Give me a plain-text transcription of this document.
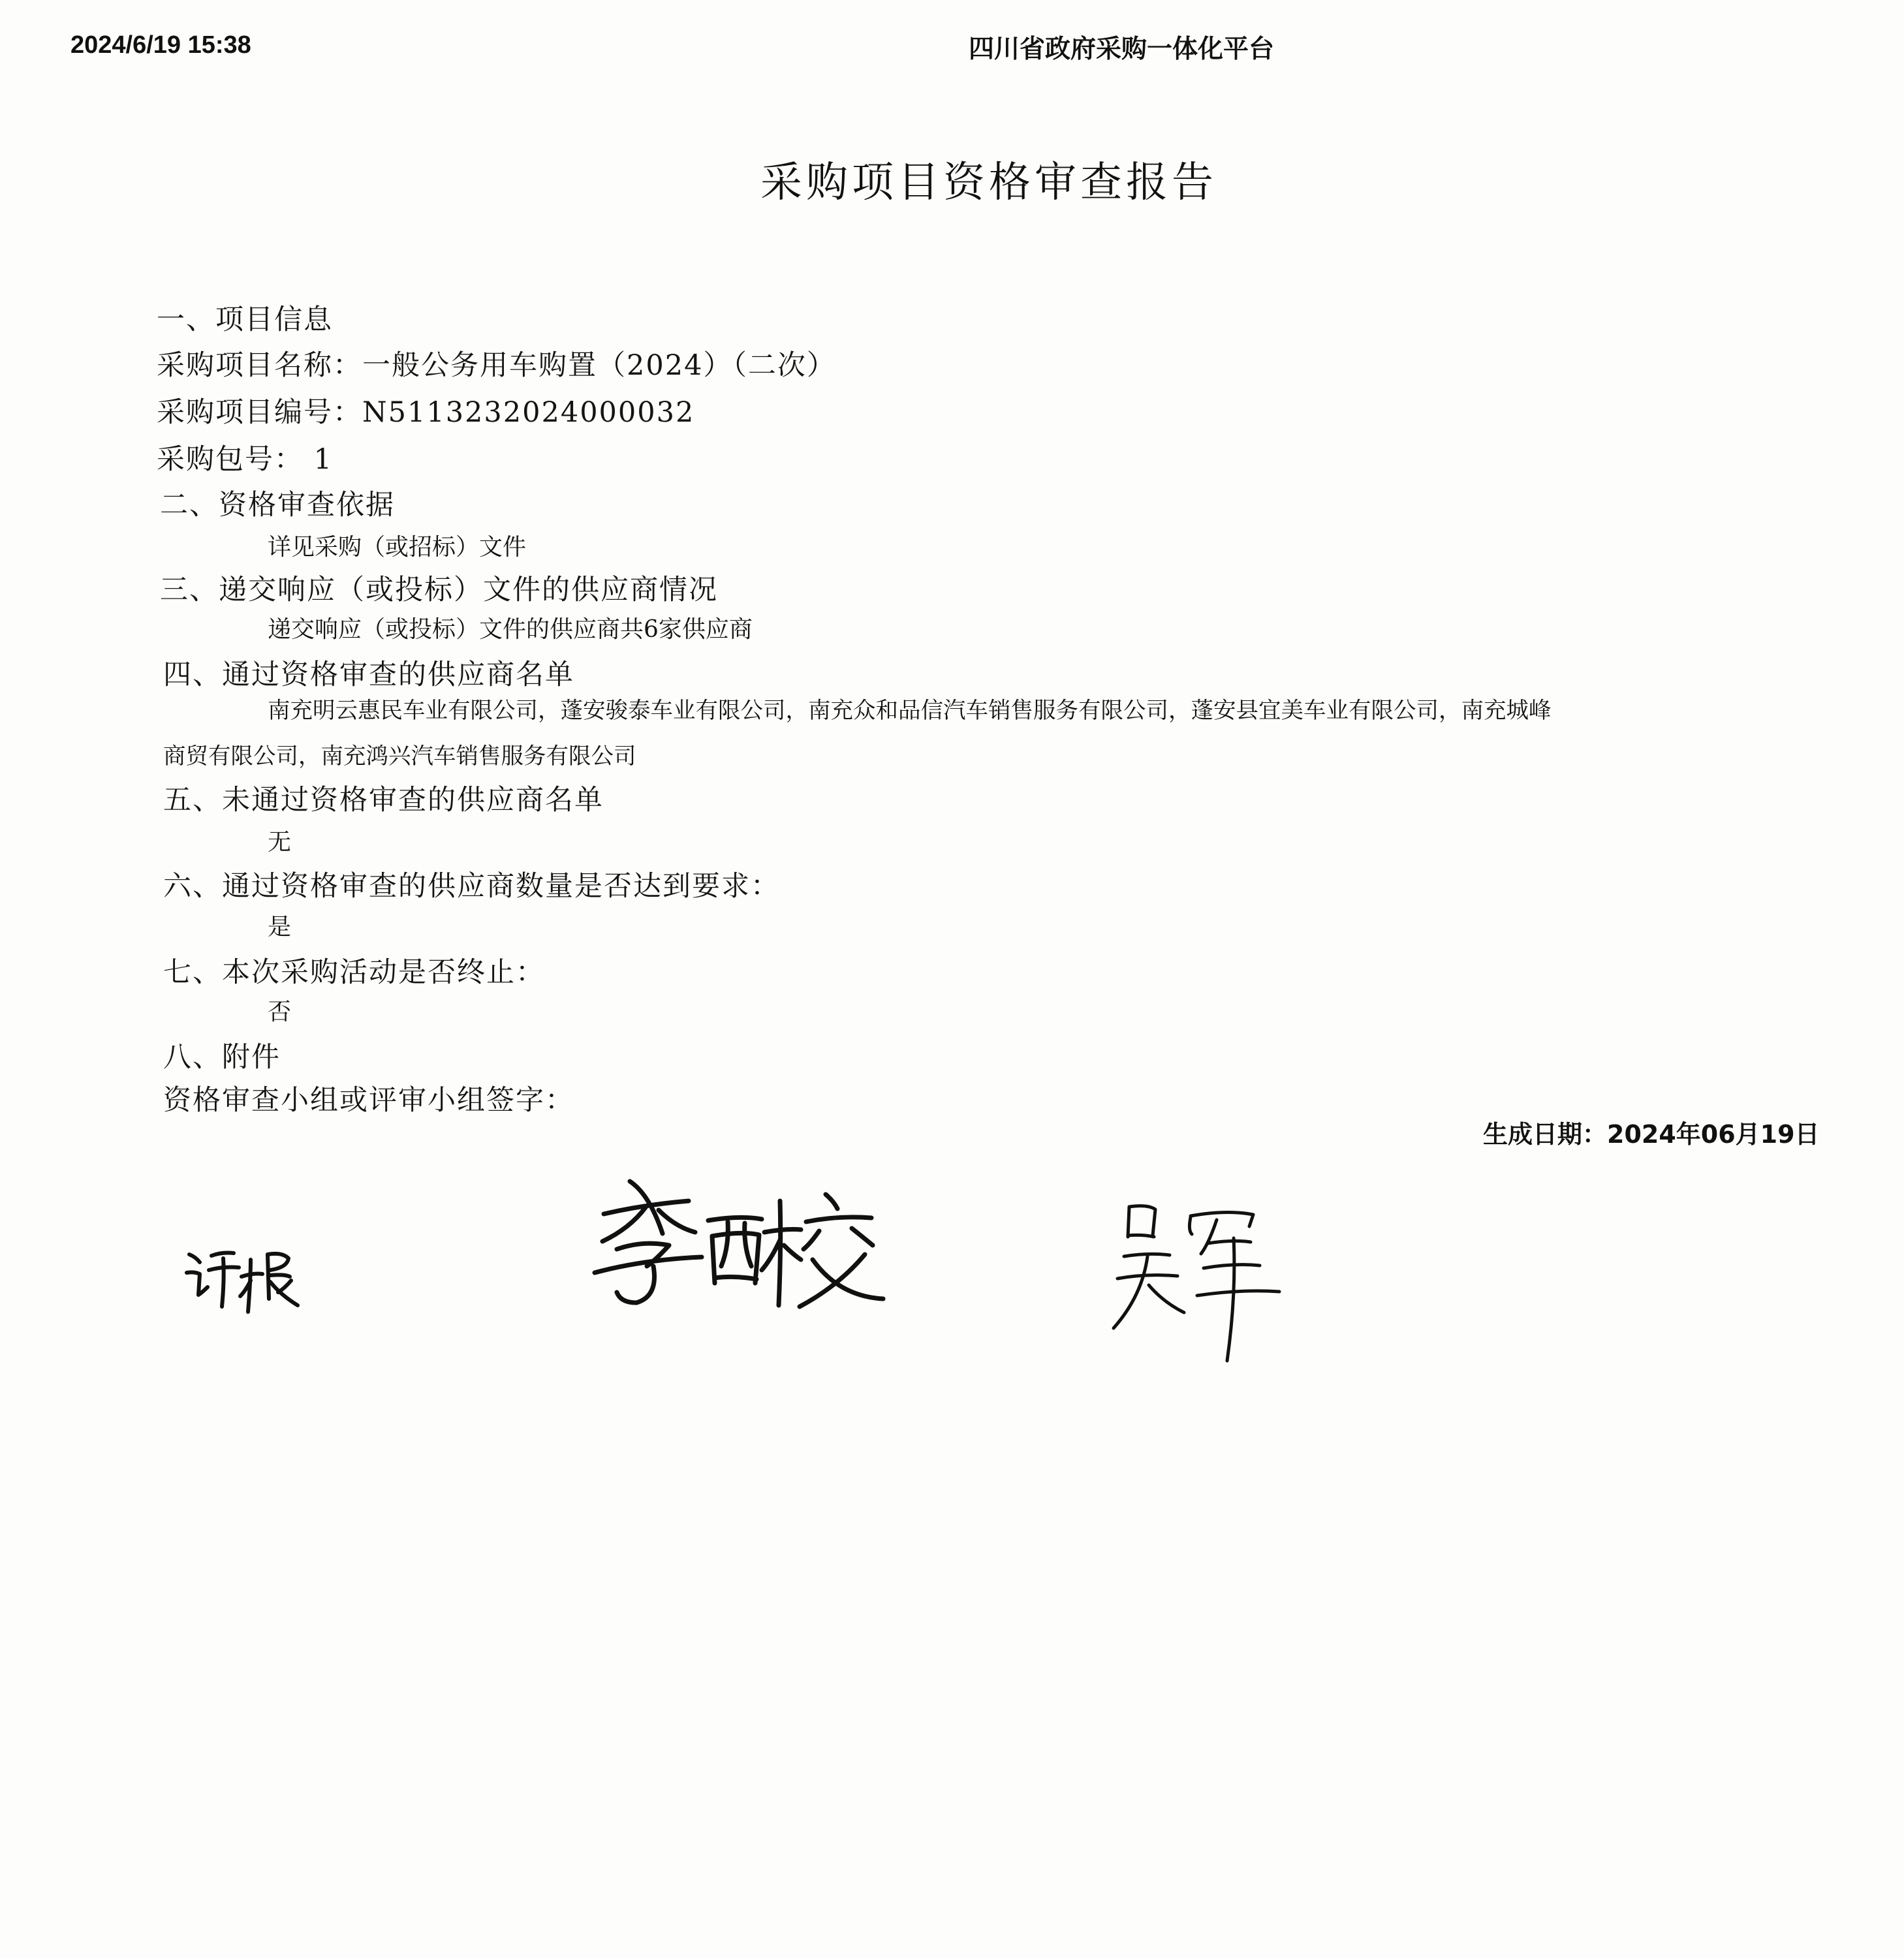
2024/6/19 15:38	四川省政府采购一体化平台
采购项目资格审查报告
一、项目信息
采购项目名称：一般公务用车购置（2024）（二次）
采购项目编号：N5113232024000032
采购包号： 1
二、资格审查依据
详见采购（或招标）文件
三、递交响应（或投标）文件的供应商情况
递交响应（或投标）文件的供应商共6家供应商
四、通过资格审查的供应商名单
南充明云惠民车业有限公司，蓬安骏泰车业有限公司，南充众和品信汽车销售服务有限公司，蓬安县宜美车业有限公司，南充城峰
商贸有限公司，南充鸿兴汽车销售服务有限公司
五、未通过资格审查的供应商名单
无
六、通过资格审查的供应商数量是否达到要求：
是
七、本次采购活动是否终止：
否
八、附件
资格审查小组或评审小组签字：
生成日期：2024年06月19日
